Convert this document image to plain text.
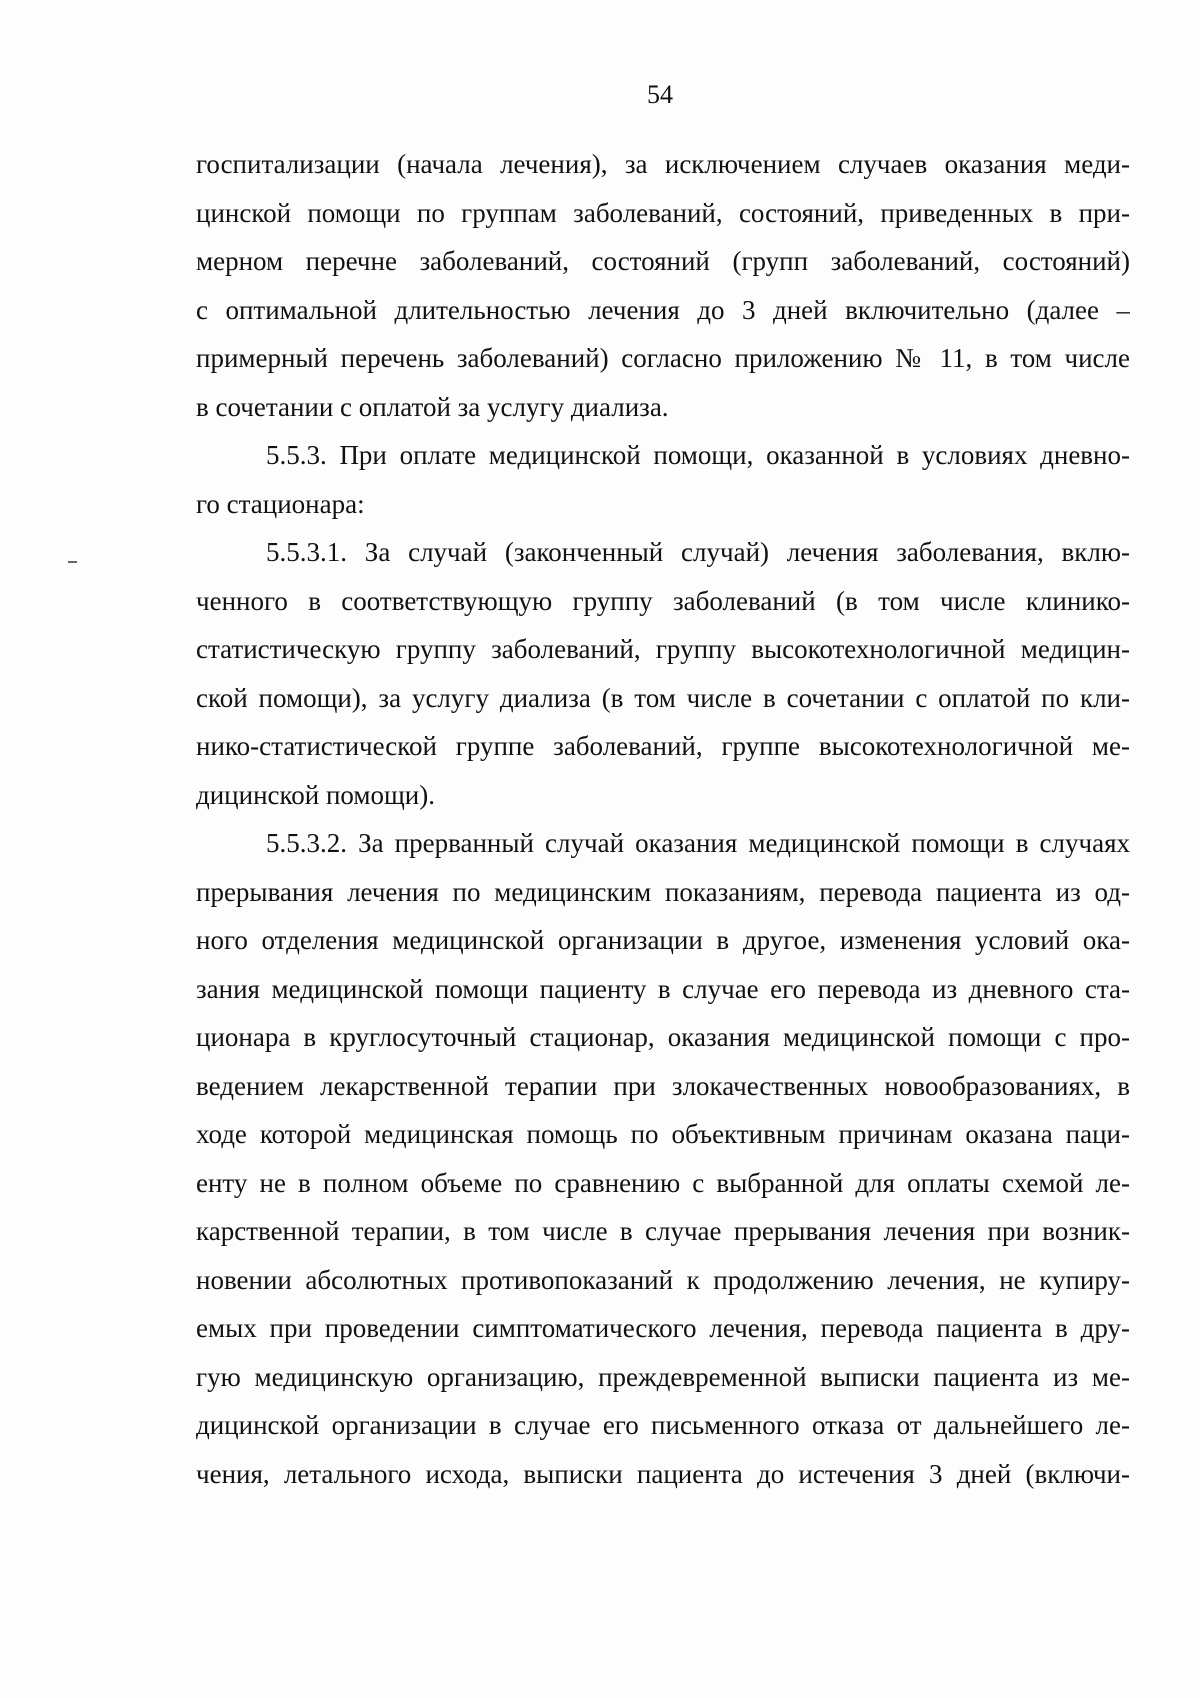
54
госпитализации (начала лечения), за исключением случаев оказания меди-
цинской помощи по группам заболеваний, состояний, приведенных в при-
мерном перечне заболеваний, состояний (групп заболеваний, состояний)
с оптимальной длительностью лечения до 3 дней включительно (далее –
примерный перечень заболеваний) согласно приложению № 11, в том числе
в сочетании с оплатой за услугу диализа.
5.5.3. При оплате медицинской помощи, оказанной в условиях дневно-
го стационара:
5.5.3.1. За случай (законченный случай) лечения заболевания, вклю-
ченного в соответствующую группу заболеваний (в том числе клинико-
статистическую группу заболеваний, группу высокотехнологичной медицин-
ской помощи), за услугу диализа (в том числе в сочетании с оплатой по кли-
нико-статистической группе заболеваний, группе высокотехнологичной ме-
дицинской помощи).
5.5.3.2. За прерванный случай оказания медицинской помощи в случаях
прерывания лечения по медицинским показаниям, перевода пациента из од-
ного отделения медицинской организации в другое, изменения условий ока-
зания медицинской помощи пациенту в случае его перевода из дневного ста-
ционара в круглосуточный стационар, оказания медицинской помощи с про-
ведением лекарственной терапии при злокачественных новообразованиях, в
ходе которой медицинская помощь по объективным причинам оказана паци-
енту не в полном объеме по сравнению с выбранной для оплаты схемой ле-
карственной терапии, в том числе в случае прерывания лечения при возник-
новении абсолютных противопоказаний к продолжению лечения, не купиру-
емых при проведении симптоматического лечения, перевода пациента в дру-
гую медицинскую организацию, преждевременной выписки пациента из ме-
дицинской организации в случае его письменного отказа от дальнейшего ле-
чения, летального исхода, выписки пациента до истечения 3 дней (включи-
